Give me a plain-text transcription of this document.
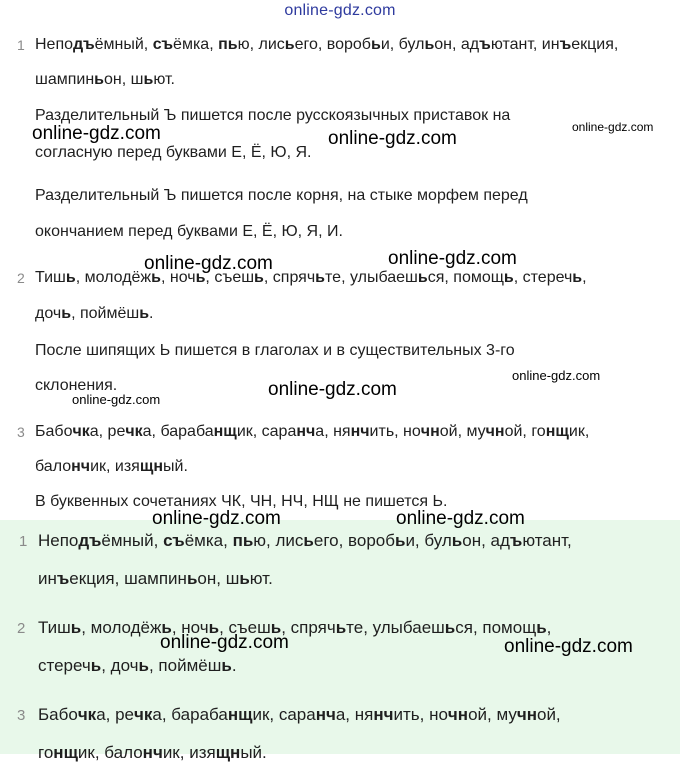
online-gdz.com
1 Неподъёмный, съёмка, пью, лисьего, воробьи, бульон, адъютант, инъекция,
шампиньон, шьют.
Разделительный Ъ пишется после русскоязычных приставок на
согласную перед буквами Е, Ё, Ю, Я.
Разделительный Ъ пишется после корня, на стыке морфем перед
окончанием перед буквами Е, Ё, Ю, Я, И.
2 Тишь, молодёжь, ночь, съешь, спрячьте, улыбаешься, помощь, стеречь,
дочь, поймёшь.
После шипящих Ь пишется в глаголах и в существительных 3-го
склонения.
3 Бабочка, речка, барабанщик, саранча, нянчить, ночной, мучной, гонщик,
балончик, изящный.
В буквенных сочетаниях ЧК, ЧН, НЧ, НЩ не пишется Ь.
1 Неподъёмный, съёмка, пью, лисьего, воробьи, бульон, адъютант,
инъекция, шампиньон, шьют.
2 Тишь, молодёжь, ночь, съешь, спрячьте, улыбаешься, помощь,
стеречь, дочь, поймёшь.
3 Бабочка, речка, барабанщик, саранча, нянчить, ночной, мучной,
гонщик, балончик, изящный.
online-gdz.com	online-gdz.com
online-gdz.com
online-gdz.com
online-gdz.com
online-gdz.com
online-gdz.com
online-gdz.com
online-gdz.com	online-gdz.com
online-gdz.com	online-gdz.com
